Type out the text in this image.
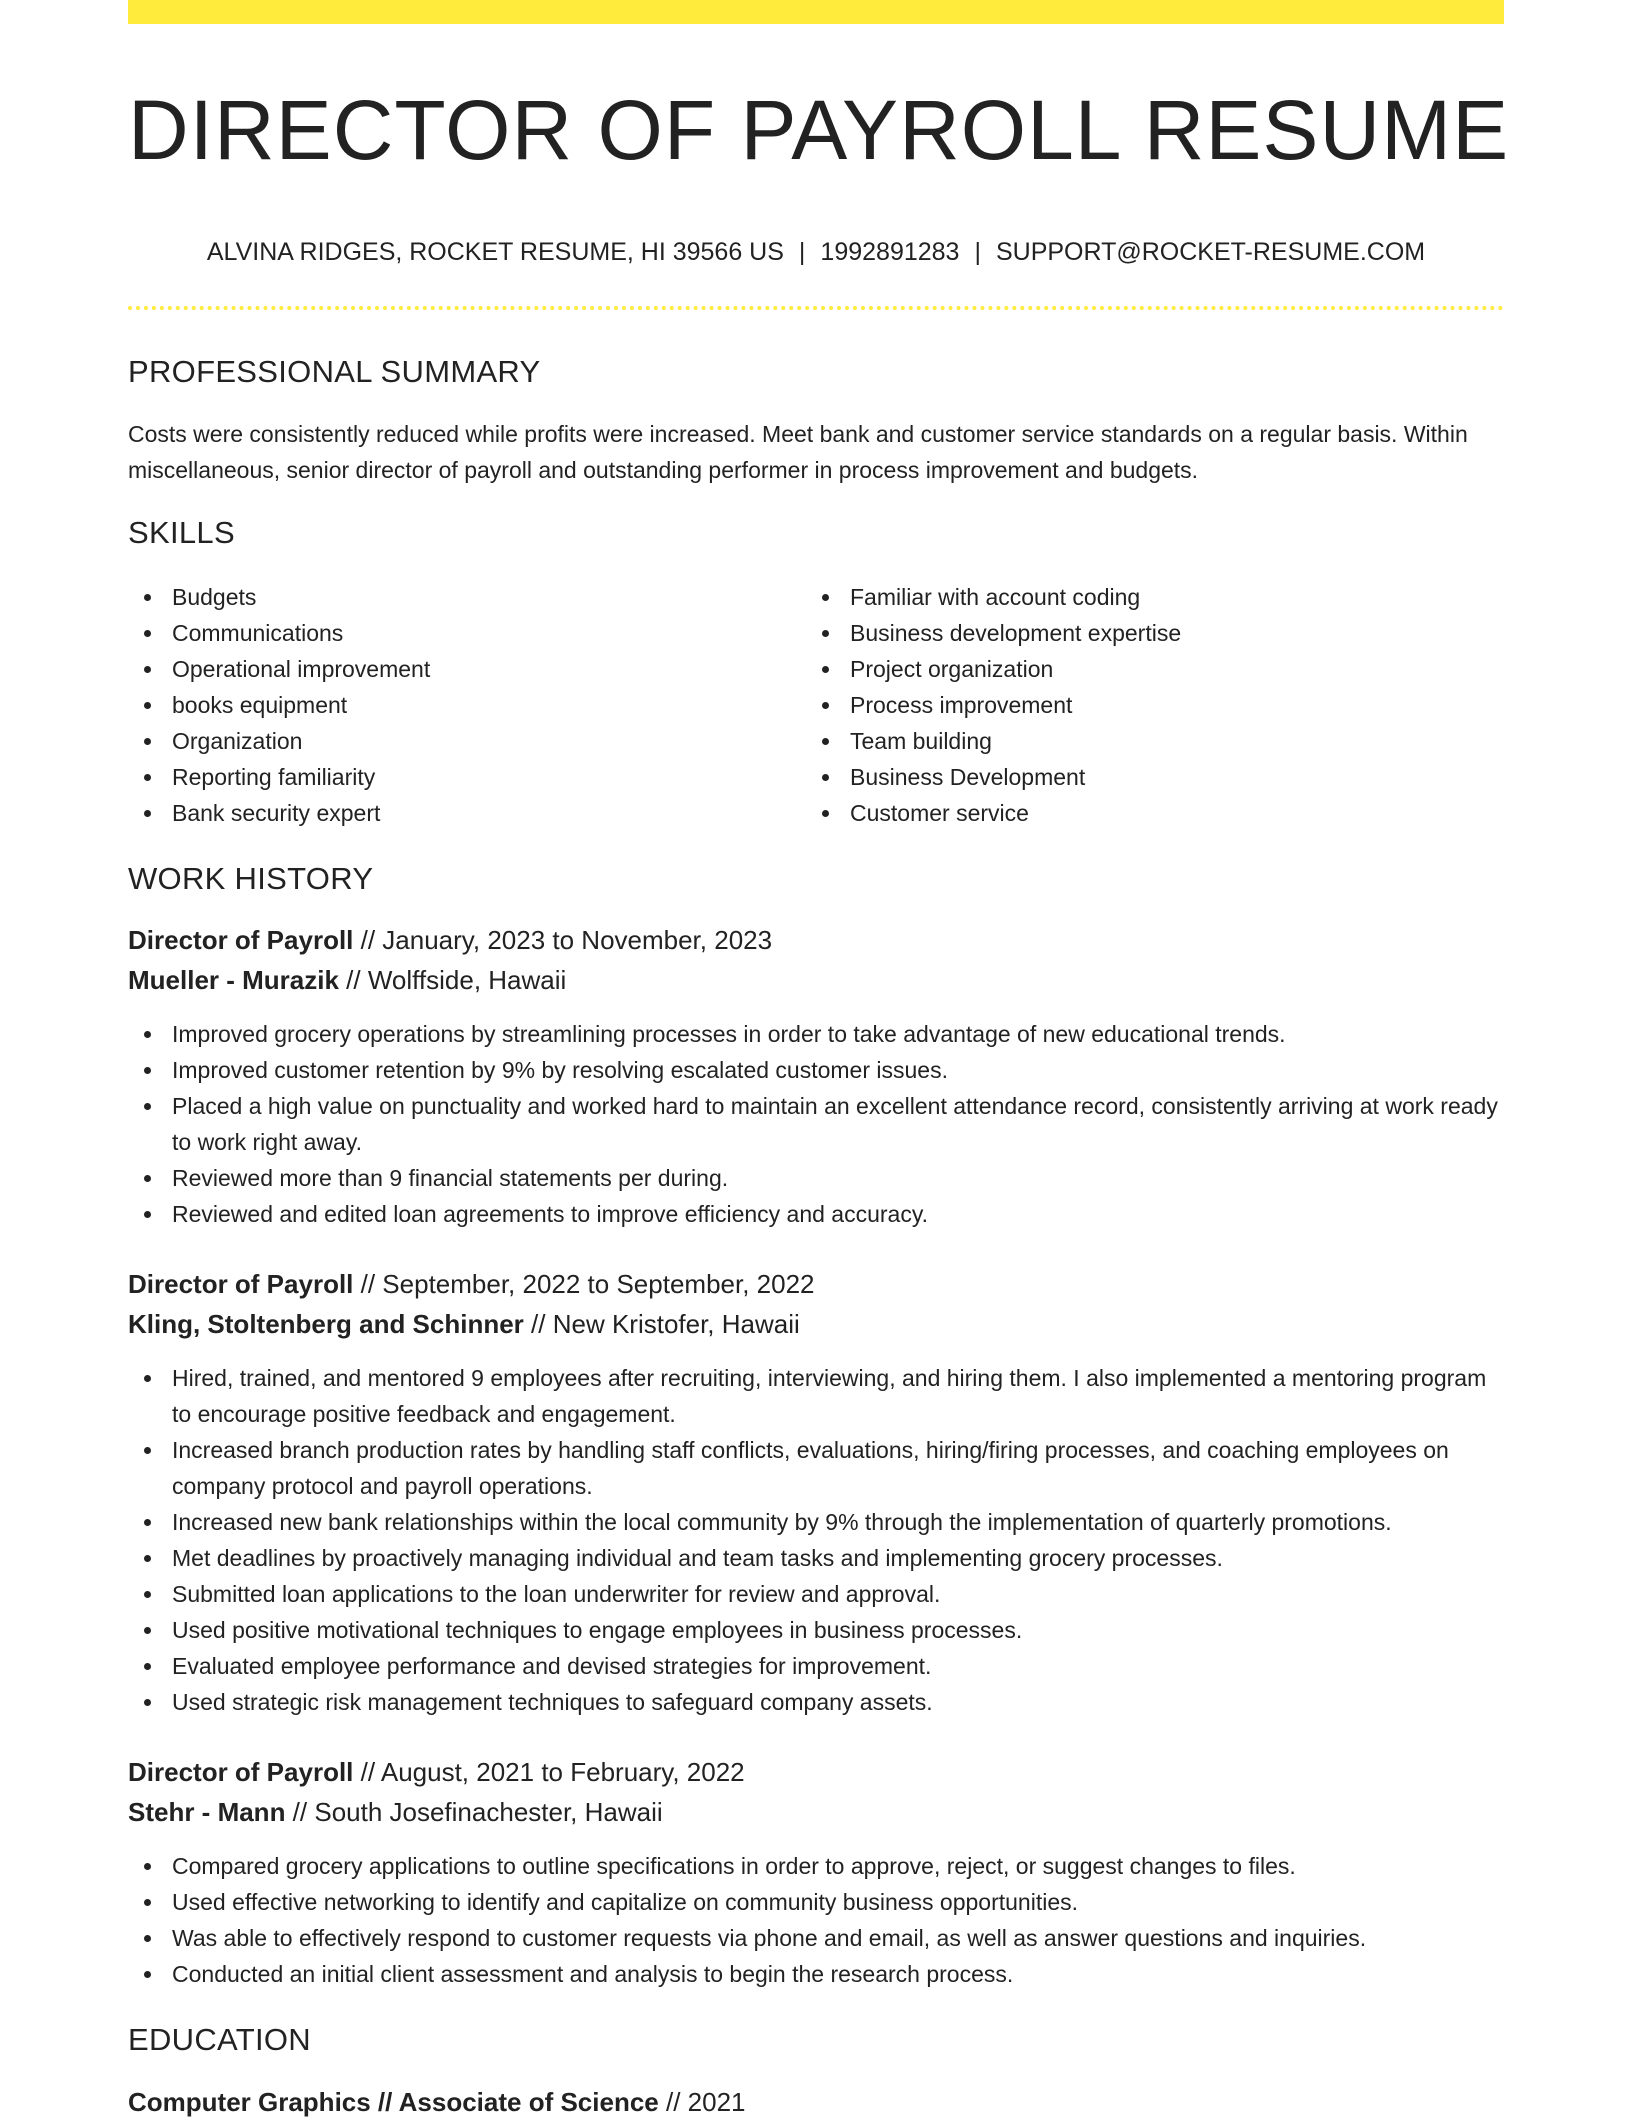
DIRECTOR OF PAYROLL RESUME
ALVINA RIDGES, ROCKET RESUME, HI 39566 US | 1992891283 | SUPPORT@ROCKET-RESUME.COM
PROFESSIONAL SUMMARY

Costs were consistently reduced while profits were increased. Meet bank and customer service standards on a regular basis. Within miscellaneous, senior director of payroll and outstanding performer in process improvement and budgets.

SKILLS
Budgets
Communications
Operational improvement
books equipment
Organization
Reporting familiarity
Bank security expert
Familiar with account coding
Business development expertise
Project organization
Process improvement
Team building
Business Development
Customer service
WORK HISTORY
Director of Payroll // January, 2023 to November, 2023
Mueller - Murazik // Wolffside, Hawaii
Improved grocery operations by streamlining processes in order to take advantage of new educational trends.
Improved customer retention by 9% by resolving escalated customer issues.
Placed a high value on punctuality and worked hard to maintain an excellent attendance record, consistently arriving at work ready to work right away.
Reviewed more than 9 financial statements per during.
Reviewed and edited loan agreements to improve efficiency and accuracy.
Director of Payroll // September, 2022 to September, 2022
Kling, Stoltenberg and Schinner // New Kristofer, Hawaii
Hired, trained, and mentored 9 employees after recruiting, interviewing, and hiring them. I also implemented a mentoring program to encourage positive feedback and engagement.
Increased branch production rates by handling staff conflicts, evaluations, hiring/firing processes, and coaching employees on company protocol and payroll operations.
Increased new bank relationships within the local community by 9% through the implementation of quarterly promotions.
Met deadlines by proactively managing individual and team tasks and implementing grocery processes.
Submitted loan applications to the loan underwriter for review and approval.
Used positive motivational techniques to engage employees in business processes.
Evaluated employee performance and devised strategies for improvement.
Used strategic risk management techniques to safeguard company assets.
Director of Payroll // August, 2021 to February, 2022
Stehr - Mann // South Josefinachester, Hawaii
Compared grocery applications to outline specifications in order to approve, reject, or suggest changes to files.
Used effective networking to identify and capitalize on community business opportunities.
Was able to effectively respond to customer requests via phone and email, as well as answer questions and inquiries.
Conducted an initial client assessment and analysis to begin the research process.
EDUCATION
Computer Graphics // Associate of Science // 2021
